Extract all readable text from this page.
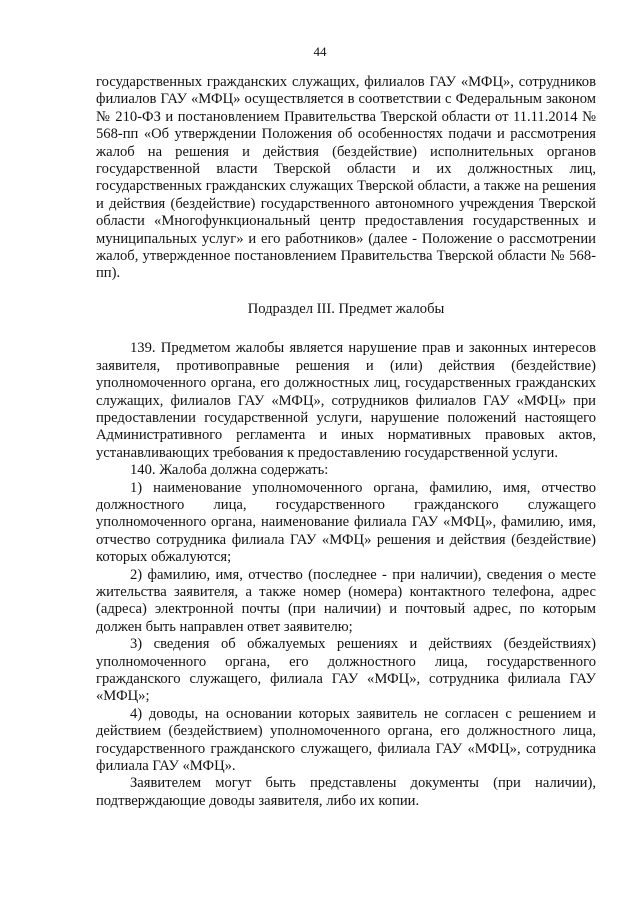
44

государственных гражданских служащих, филиалов ГАУ «МФЦ», сотрудников филиалов ГАУ «МФЦ» осуществляется в соответствии с Федеральным законом № 210-ФЗ и постановлением Правительства Тверской области от 11.11.2014 № 568-пп «Об утверждении Положения об особенностях подачи и рассмотрения жалоб на решения и действия (бездействие) исполнительных органов государственной власти Тверской области и их должностных лиц, государственных гражданских служащих Тверской области, а также на решения и действия (бездействие) государственного автономного учреждения Тверской области «Многофункциональный центр предоставления государственных и муниципальных услуг» и его работников» (далее - Положение о рассмотрении жалоб, утвержденное постановлением Правительства Тверской области № 568-пп).

Подраздел III. Предмет жалобы

139. Предметом жалобы является нарушение прав и законных интересов заявителя, противоправные решения и (или) действия (бездействие) уполномоченного органа, его должностных лиц, государственных гражданских служащих, филиалов ГАУ «МФЦ», сотрудников филиалов ГАУ «МФЦ» при предоставлении государственной услуги, нарушение положений настоящего Административного регламента и иных нормативных правовых актов, устанавливающих требования к предоставлению государственной услуги.

140. Жалоба должна содержать:

1) наименование уполномоченного органа, фамилию, имя, отчество должностного лица, государственного гражданского служащего уполномоченного органа, наименование филиала ГАУ «МФЦ», фамилию, имя, отчество сотрудника филиала ГАУ «МФЦ» решения и действия (бездействие) которых обжалуются;

2) фамилию, имя, отчество (последнее - при наличии), сведения о месте жительства заявителя, а также номер (номера) контактного телефона, адрес (адреса) электронной почты (при наличии) и почтовый адрес, по которым должен быть направлен ответ заявителю;

3) сведения об обжалуемых решениях и действиях (бездействиях) уполномоченного органа, его должностного лица, государственного гражданского служащего, филиала ГАУ «МФЦ», сотрудника филиала ГАУ «МФЦ»;

4) доводы, на основании которых заявитель не согласен с решением и действием (бездействием) уполномоченного органа, его должностного лица, государственного гражданского служащего, филиала ГАУ «МФЦ», сотрудника филиала ГАУ «МФЦ».

Заявителем могут быть представлены документы (при наличии), подтверждающие доводы заявителя, либо их копии.
